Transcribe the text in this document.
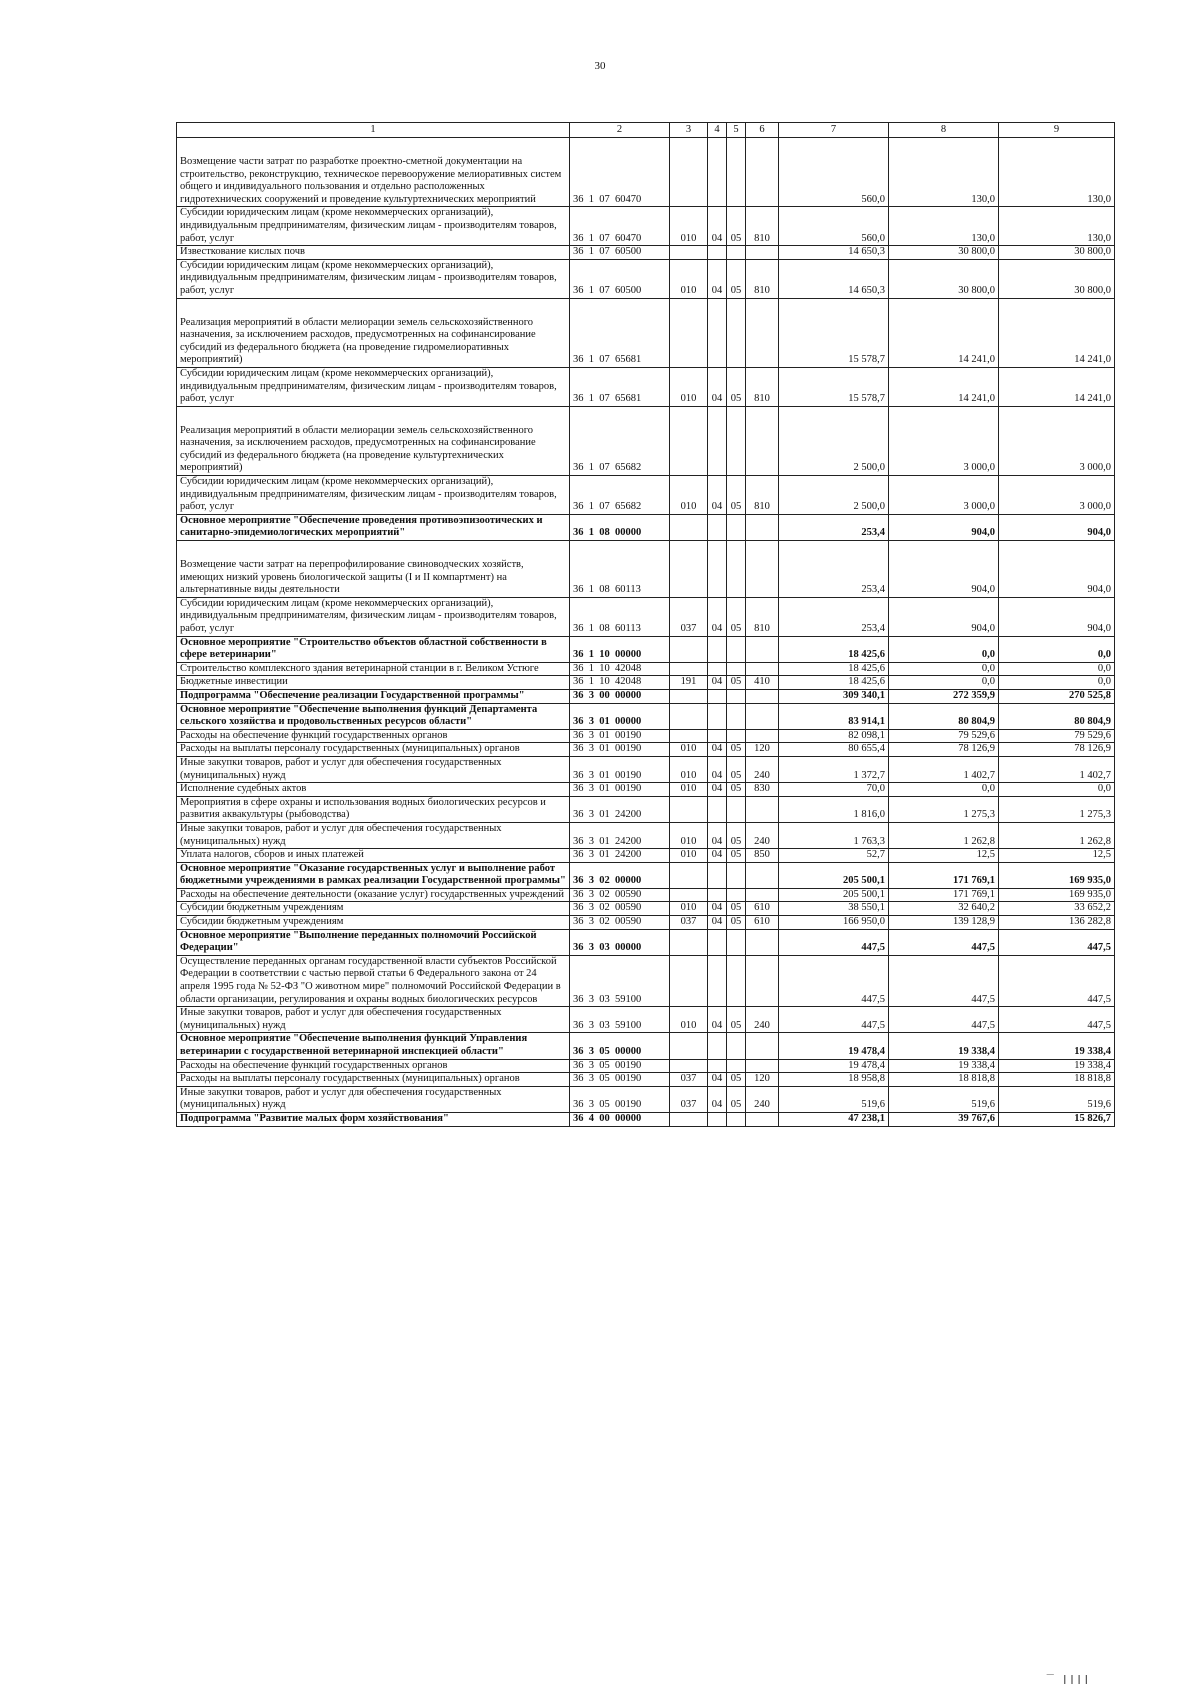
30
1	2	3	4	5	6	7	8	9

Возмещение части затрат по разработке проектно-сметной документации на строительство, реконструкцию, техническое перевооружение мелиоративных систем общего и индивидуального пользования и отдельно расположенных гидротехнических сооружений и проведение культуртехнических мероприятий	36  1  07  60470					560,0	130,0	130,0
Субсидии юридическим лицам (кроме некоммерческих организаций), индивидуальным предпринимателям, физическим лицам - производителям товаров, работ, услуг	36  1  07  60470	010	04	05	810	560,0	130,0	130,0
Известкование кислых почв	36  1  07  60500					14 650,3	30 800,0	30 800,0
Субсидии юридическим лицам (кроме некоммерческих организаций), индивидуальным предпринимателям, физическим лицам - производителям товаров, работ, услуг	36  1  07  60500	010	04	05	810	14 650,3	30 800,0	30 800,0

Реализация мероприятий в области мелиорации земель сельскохозяйственного назначения, за исключением расходов, предусмотренных на софинансирование субсидий из федерального бюджета (на проведение гидромелиоративных мероприятий)	36  1  07  65681					15 578,7	14 241,0	14 241,0
Субсидии юридическим лицам (кроме некоммерческих организаций), индивидуальным предпринимателям, физическим лицам - производителям товаров, работ, услуг	36  1  07  65681	010	04	05	810	15 578,7	14 241,0	14 241,0

Реализация мероприятий в области мелиорации земель сельскохозяйственного назначения, за исключением расходов, предусмотренных на софинансирование субсидий из федерального бюджета (на проведение культуртехнических мероприятий)	36  1  07  65682					2 500,0	3 000,0	3 000,0
Субсидии юридическим лицам (кроме некоммерческих организаций), индивидуальным предпринимателям, физическим лицам - производителям товаров, работ, услуг	36  1  07  65682	010	04	05	810	2 500,0	3 000,0	3 000,0
Основное мероприятие "Обеспечение проведения противоэпизоотических и санитарно-эпидемиологических мероприятий"	36  1  08  00000					253,4	904,0	904,0

Возмещение части затрат на перепрофилирование свиноводческих хозяйств, имеющих низкий уровень биологической защиты (I и II компартмент) на альтернативные виды деятельности	36  1  08  60113					253,4	904,0	904,0
Субсидии юридическим лицам (кроме некоммерческих организаций), индивидуальным предпринимателям, физическим лицам - производителям товаров, работ, услуг	36  1  08  60113	037	04	05	810	253,4	904,0	904,0
Основное мероприятие "Строительство объектов областной собственности в сфере ветеринарии"	36  1  10  00000					18 425,6	0,0	0,0
Строительство комплексного здания ветеринарной станции в г. Великом Устюге	36  1  10  42048					18 425,6	0,0	0,0
Бюджетные инвестиции	36  1  10  42048	191	04	05	410	18 425,6	0,0	0,0
Подпрограмма "Обеспечение реализации Государственной программы"	36  3  00  00000					309 340,1	272 359,9	270 525,8
Основное мероприятие "Обеспечение выполнения функций Департамента сельского хозяйства и продовольственных ресурсов области"	36  3  01  00000					83 914,1	80 804,9	80 804,9
Расходы на обеспечение функций государственных органов	36  3  01  00190					82 098,1	79 529,6	79 529,6
Расходы на выплаты персоналу государственных (муниципальных) органов	36  3  01  00190	010	04	05	120	80 655,4	78 126,9	78 126,9
Иные закупки товаров, работ и услуг для обеспечения государственных (муниципальных) нужд	36  3  01  00190	010	04	05	240	1 372,7	1 402,7	1 402,7
Исполнение судебных актов	36  3  01  00190	010	04	05	830	70,0	0,0	0,0
Мероприятия в сфере охраны и использования водных биологических ресурсов и развития аквакультуры (рыбоводства)	36  3  01  24200					1 816,0	1 275,3	1 275,3
Иные закупки товаров, работ и услуг для обеспечения государственных (муниципальных) нужд	36  3  01  24200	010	04	05	240	1 763,3	1 262,8	1 262,8
Уплата налогов, сборов и иных платежей	36  3  01  24200	010	04	05	850	52,7	12,5	12,5
Основное мероприятие "Оказание государственных услуг и выполнение работ бюджетными учреждениями в рамках реализации Государственной программы"	36  3  02  00000					205 500,1	171 769,1	169 935,0
Расходы на обеспечение деятельности (оказание услуг) государственных учреждений	36  3  02  00590					205 500,1	171 769,1	169 935,0
Субсидии бюджетным учреждениям	36  3  02  00590	010	04	05	610	38 550,1	32 640,2	33 652,2
Субсидии бюджетным учреждениям	36  3  02  00590	037	04	05	610	166 950,0	139 128,9	136 282,8
Основное мероприятие "Выполнение переданных полномочий Российской Федерации"	36  3  03  00000					447,5	447,5	447,5
Осуществление переданных органам государственной власти субъектов Российской Федерации в соответствии с частью первой статьи 6 Федерального закона от 24 апреля 1995 года № 52-ФЗ "О животном мире" полномочий Российской Федерации в области организации, регулирования и охраны водных биологических ресурсов	36  3  03  59100					447,5	447,5	447,5
Иные закупки товаров, работ и услуг для обеспечения государственных (муниципальных) нужд	36  3  03  59100	010	04	05	240	447,5	447,5	447,5
Основное мероприятие "Обеспечение выполнения функций Управления ветеринарии с государственной ветеринарной инспекцией области"	36  3  05  00000					19 478,4	19 338,4	19 338,4
Расходы на обеспечение функций государственных органов	36  3  05  00190					19 478,4	19 338,4	19 338,4
Расходы на выплаты персоналу государственных (муниципальных) органов	36  3  05  00190	037	04	05	120	18 958,8	18 818,8	18 818,8
Иные закупки товаров, работ и услуг для обеспечения государственных (муниципальных) нужд	36  3  05  00190	037	04	05	240	519,6	519,6	519,6
Подпрограмма "Развитие малых форм хозяйствования"	36  4  00  00000					47 238,1	39 767,6	15 826,7
‾ ǀǀǀǀ
